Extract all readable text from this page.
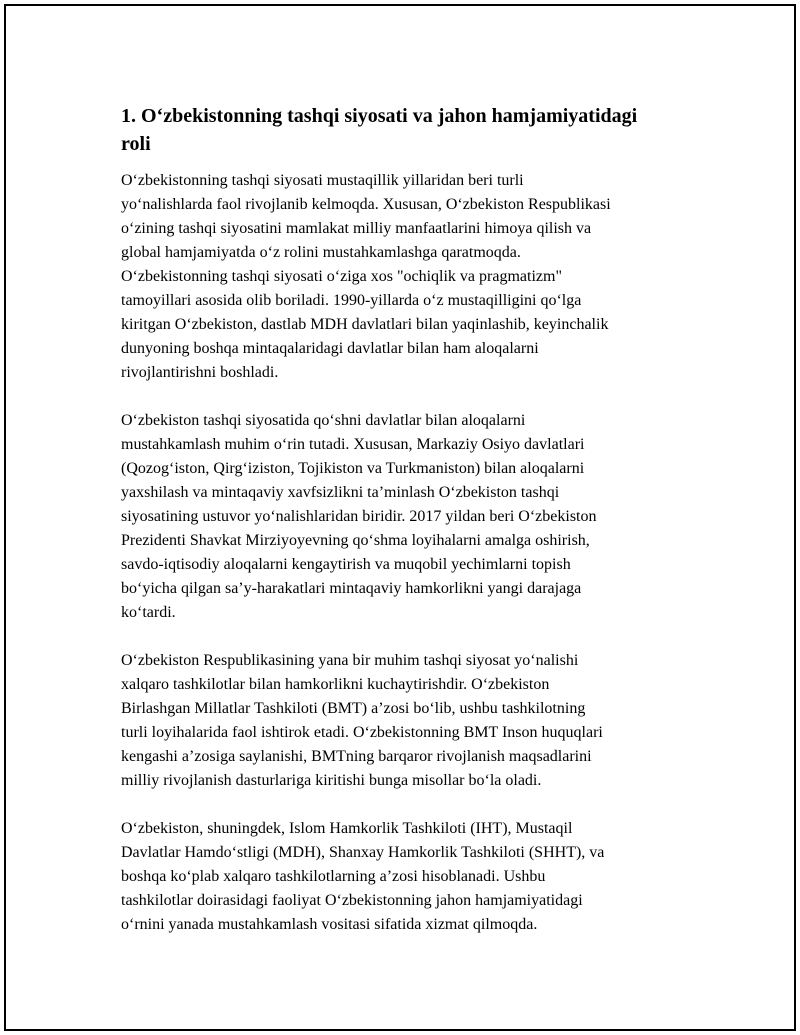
1. O‘zbekistonning tashqi siyosati va jahon hamjamiyatidagi
roli

O‘zbekistonning tashqi siyosati mustaqillik yillaridan beri turli
yo‘nalishlarda faol rivojlanib kelmoqda. Xususan, O‘zbekiston Respublikasi
o‘zining tashqi siyosatini mamlakat milliy manfaatlarini himoya qilish va
global hamjamiyatda o‘z rolini mustahkamlashga qaratmoqda.
O‘zbekistonning tashqi siyosati o‘ziga xos "ochiqlik va pragmatizm"
tamoyillari asosida olib boriladi. 1990-yillarda o‘z mustaqilligini qo‘lga
kiritgan O‘zbekiston, dastlab MDH davlatlari bilan yaqinlashib, keyinchalik
dunyoning boshqa mintaqalaridagi davlatlar bilan ham aloqalarni
rivojlantirishni boshladi.

O‘zbekiston tashqi siyosatida qo‘shni davlatlar bilan aloqalarni
mustahkamlash muhim o‘rin tutadi. Xususan, Markaziy Osiyo davlatlari
(Qozog‘iston, Qirg‘iziston, Tojikiston va Turkmaniston) bilan aloqalarni
yaxshilash va mintaqaviy xavfsizlikni ta’minlash O‘zbekiston tashqi
siyosatining ustuvor yo‘nalishlaridan biridir. 2017 yildan beri O‘zbekiston
Prezidenti Shavkat Mirziyoyevning qo‘shma loyihalarni amalga oshirish,
savdo-iqtisodiy aloqalarni kengaytirish va muqobil yechimlarni topish
bo‘yicha qilgan sa’y-harakatlari mintaqaviy hamkorlikni yangi darajaga
ko‘tardi.

O‘zbekiston Respublikasining yana bir muhim tashqi siyosat yo‘nalishi
xalqaro tashkilotlar bilan hamkorlikni kuchaytirishdir. O‘zbekiston
Birlashgan Millatlar Tashkiloti (BMT) a’zosi bo‘lib, ushbu tashkilotning
turli loyihalarida faol ishtirok etadi. O‘zbekistonning BMT Inson huquqlari
kengashi a’zosiga saylanishi, BMTning barqaror rivojlanish maqsadlarini
milliy rivojlanish dasturlariga kiritishi bunga misollar bo‘la oladi.

O‘zbekiston, shuningdek, Islom Hamkorlik Tashkiloti (IHT), Mustaqil
Davlatlar Hamdo‘stligi (MDH), Shanxay Hamkorlik Tashkiloti (SHHT), va
boshqa ko‘plab xalqaro tashkilotlarning a’zosi hisoblanadi. Ushbu
tashkilotlar doirasidagi faoliyat O‘zbekistonning jahon hamjamiyatidagi
o‘rnini yanada mustahkamlash vositasi sifatida xizmat qilmoqda.
